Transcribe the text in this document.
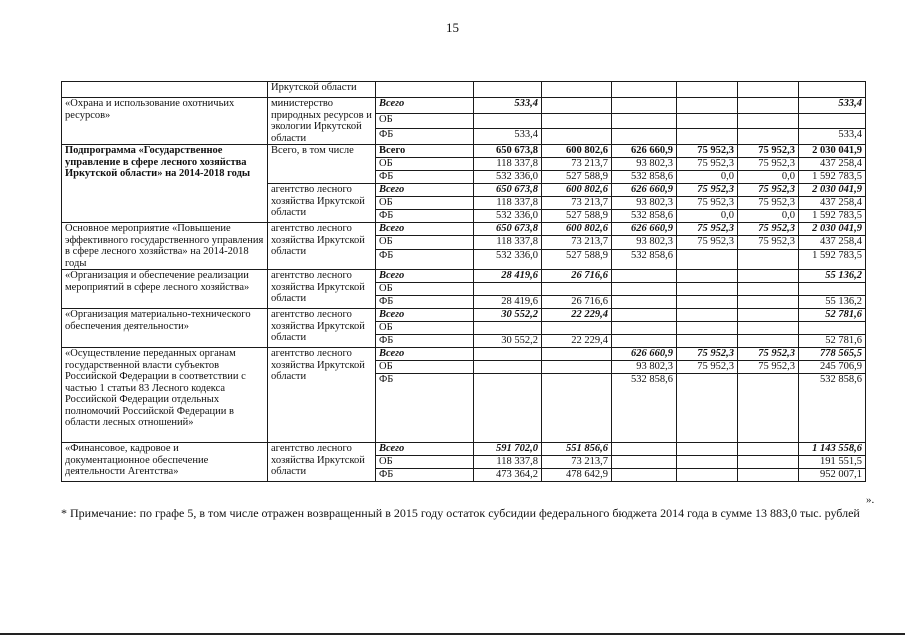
15
	Иркутской области							
«Охрана и использование охотничьих ресурсов»	министерство природных ресурсов и экологии Иркутской области	Всего	533,4					533,4
		ОБ						
		ФБ	533,4					533,4
Подпрограмма «Государственное управление в сфере лесного хозяйства Иркутской области» на 2014-2018 годы	Всего, в том числе	Всего	650 673,8	600 802,6	626 660,9	75 952,3	75 952,3	2 030 041,9
		ОБ	118 337,8	73 213,7	93 802,3	75 952,3	75 952,3	437 258,4
		ФБ	532 336,0	527 588,9	532 858,6	0,0	0,0	1 592 783,5
	агентство лесного хозяйства Иркутской области	Всего	650 673,8	600 802,6	626 660,9	75 952,3	75 952,3	2 030 041,9
		ОБ	118 337,8	73 213,7	93 802,3	75 952,3	75 952,3	437 258,4
		ФБ	532 336,0	527 588,9	532 858,6	0,0	0,0	1 592 783,5
Основное мероприятие «Повышение эффективного государственного управления в сфере лесного хозяйства» на 2014-2018 годы	агентство лесного хозяйства Иркутской области	Всего	650 673,8	600 802,6	626 660,9	75 952,3	75 952,3	2 030 041,9
		ОБ	118 337,8	73 213,7	93 802,3	75 952,3	75 952,3	437 258,4
		ФБ	532 336,0	527 588,9	532 858,6			1 592 783,5
«Организация и обеспечение реализации мероприятий в сфере лесного хозяйства»	агентство лесного хозяйства Иркутской области	Всего	28 419,6	26 716,6				55 136,2
		ОБ						
		ФБ	28 419,6	26 716,6				55 136,2
«Организация материально-технического обеспечения деятельности»	агентство лесного хозяйства Иркутской области	Всего	30 552,2	22 229,4				52 781,6
		ОБ						
		ФБ	30 552,2	22 229,4				52 781,6
«Осуществление переданных органам государственной власти субъектов Российской Федерации в соответствии с частью 1 статьи 83 Лесного кодекса Российской Федерации отдельных полномочий Российской Федерации в области лесных отношений»	агентство лесного хозяйства Иркутской области	Всего			626 660,9	75 952,3	75 952,3	778 565,5
		ОБ			93 802,3	75 952,3	75 952,3	245 706,9
		ФБ			532 858,6			532 858,6
«Финансовое, кадровое и документационное обеспечение деятельности Агентства»	агентство лесного хозяйства Иркутской области	Всего	591 702,0	551 856,6				1 143 558,6
		ОБ	118 337,8	73 213,7				191 551,5
		ФБ	473 364,2	478 642,9				952 007,1
».
* Примечание: по графе 5, в том числе отражен возвращенный в 2015 году остаток субсидии федерального бюджета 2014 года в сумме 13 883,0 тыс. рублей
